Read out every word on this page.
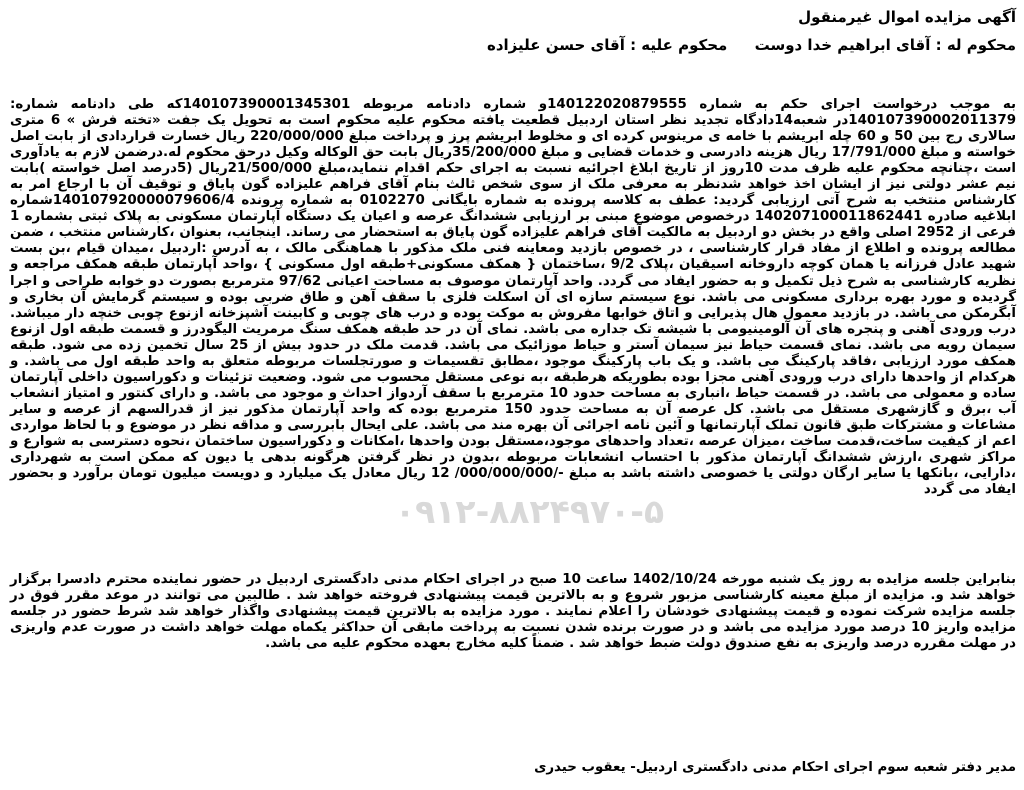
آگهی مزایده اموال غیرمنقول
محکوم له : آقای ابراهیم خدا دوست محکوم علیه : آقای حسن علیزاده

به موجب درخواست اجرای حکم به شماره 140122020879555و شماره دادنامه مربوطه 140107390001345301که طی دادنامه شماره: 140107390002011379در شعبه14دادگاه تجدید نظر استان اردبیل قطعیت یافته محکوم علیه محکوم است به تحویل یک جفت «تخته فرش » 6 متری سالاری رج بین 50 و 60 چله ابریشم با خامه ی مرینوس کرده ای و مخلوط ابریشم پرز و پرداخت مبلغ 220/000/000 ریال خسارت قراردادی از بابت اصل خواسته و مبلغ 17/791/000 ریال هزینه دادرسی و خدمات قضایی و مبلغ 35/200/000ریال بابت حق الوکاله وکیل درحق محکوم له.درضمن لازم به یادآوری است ،چنانچه محکوم علیه ظرف مدت 10روز از تاریخ ابلاغ اجرائیه نسبت به اجرای حکم اقدام ننماید،مبلغ 21/500/000ریال (5درصد اصل خواسته )بابت نیم عشر دولتی نیز از ایشان اخذ خواهد شدنظر به معرفی ملک از سوی شخص ثالث بنام آقای فراهم علیزاده گون پایاق و توقیف آن با ارجاع امر به کارشناس منتخب به شرح آتی ارزیابی گردید: عطف به کلاسه پرونده به شماره بایگانی 0102270 به شماره پرونده 140107920000079606/4شماره ابلاغیه صادره 140207100011862441 درخصوص موضوع مبنی بر ارزیابی ششدانگ عرصه و اعیان یک دستگاه آپارتمان مسکونی به پلاک ثبتی بشماره 1 فرعی از 2952 اصلی واقع در بخش دو اردبیل به مالکیت آقای فراهم علیزاده گون پایاق به استحضار می رساند. اینجانب، بعنوان ،کارشناس منتخب ، ضمن مطالعه پرونده و اطلاع از مفاد قرار کارشناسی ، در خصوص بازدید ومعاینه فنی ملک مذکور با هماهنگی مالک ، به آدرس :اردبیل ،میدان قیام ،بن بست شهید عادل فرزانه یا همان کوچه داروخانه اسیقیان ،پلاک 9/2 ،ساختمان { همکف مسکونی+طبقه اول مسکونی } ،واحد آپارتمان طبقه همکف مراجعه و نظریه کارشناسی به شرح ذیل تکمیل و به حضور ایفاد می گردد. واحد آپارتمان موصوف به مساحت اعیانی 97/62 مترمربع بصورت دو خوابه طراحی و اجرا گردیده و مورد بهره برداری مسکونی می باشد. نوع سیستم سازه ای آن اسکلت فلزی با سقف آهن و طاق ضربی بوده و سیستم گرمایش آن بخاری و آبگرمکن می باشد. در بازدید معمول هال پذیرایی و اتاق خوابها مفروش به موکت بوده و درب های چوبی و کابینت آشپزخانه ازنوع چوبی خنچه دار میباشد. درب ورودی آهنی و پنجره های آن آلومینیومی با شیشه تک جداره می باشد. نمای آن در حد طبقه همکف سنگ مرمریت الیگودرز و قسمت طبقه اول ازنوع سیمان رویه می باشد. نمای قسمت حیاط نیز سیمان آستر و حیاط موزائیک می باشد. قدمت ملک در حدود بیش از 25 سال تخمین زده می شود. طبقه همکف مورد ارزیابی ،فاقد پارکینگ می باشد. و یک باب پارکینگ موجود ،مطابق تقسیمات و صورتجلسات مربوطه متعلق به واحد طبقه اول می باشد. و هرکدام از واحدها دارای درب ورودی آهنی مجزا بوده بطوریکه هرطبقه ،به نوعی مستقل محسوب می شود. وضعیت تزئینات و دکوراسیون داخلی آپارتمان ساده و معمولی می باشد. در قسمت حیاط ،انباری به مساحت حدود 10 مترمربع با سقف آردواز احداث و موجود می باشد. و دارای کنتور و امتیاز انشعاب آب ،برق و گازشهری مستقل می باشد. کل عرصه آن به مساحت حدود 150 مترمربع بوده که واحد آپارتمان مذکور نیز از قدرالسهم از عرصه و سایر مشاعات و مشترکات طبق قانون تملک آپارتمانها و آئین نامه اجرائی آن بهره مند می باشد. علی ایحال بابررسی و مداقه نظر در موضوع و با لحاظ مواردی اعم از کیفیت ساخت،قدمت ساخت ،میزان عرصه ،تعداد واحدهای موجود،مستقل بودن واحدها ،امکانات و دکوراسیون ساختمان ،نحوه دسترسی به شوارع و مراکز شهری ،ارزش ششدانگ آپارتمان مذکور با احتساب انشعابات مربوطه ،بدون در نظر گرفتن هرگونه بدهی یا دیون که ممکن است به شهرداری ،دارایی، ،بانکها یا سایر ارگان دولتی یا خصوصی داشته باشد به مبلغ -/000/000/000/ 12 ریال معادل یک میلیارد و دویست میلیون تومان برآورد و بحضور ایفاد می گردد

۰۹۱۲-۸۸۲۴۹۷۰-۵

بنابراین جلسه مزایده به روز یک شنبه مورخه 1402/10/24 ساعت 10 صبح در اجرای احکام مدنی دادگستری اردبیل در حضور نماینده محترم دادسرا برگزار خواهد شد و. مزایده از مبلغ معینه کارشناسی مزبور شروع و به بالاترین قیمت پیشنهادی فروخته خواهد شد . طالبین می توانند در موعد مقرر فوق در جلسه مزایده شرکت نموده و قیمت پیشنهادی خودشان را اعلام نمایند . مورد مزایده به بالاترین قیمت پیشنهادی واگذار خواهد شد شرط حضور در جلسه مزایده واریز 10 درصد مورد مزایده می باشد و در صورت برنده شدن نسبت به پرداخت مابقی آن حداکثر یکماه مهلت خواهد داشت در صورت عدم واریزی در مهلت مقرره درصد واریزی به نفع صندوق دولت ضبط خواهد شد . ضمناً کلیه مخارج بعهده محکوم علیه می باشد.

مدیر دفتر شعبه سوم اجرای احکام مدنی دادگستری اردبیل- یعقوب حیدری
